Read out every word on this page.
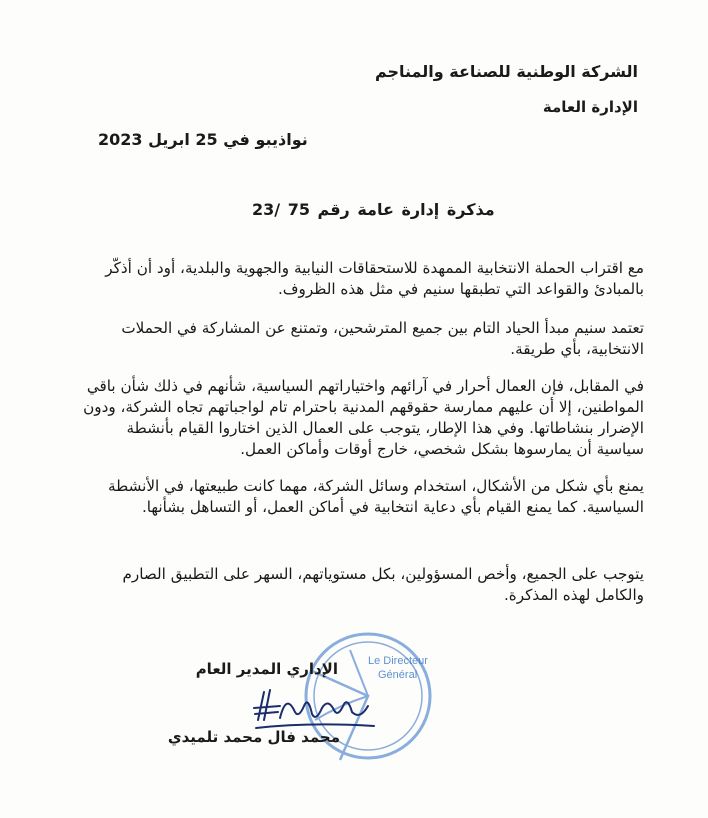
الشركة الوطنية للصناعة والمناجم
الإدارة العامة
نواذيبو في 25 ابريل 2023
مذكرة إدارة عامة رقم 75 /23
مع اقتراب الحملة الانتخابية الممهدة للاستحقاقات النيابية والجهوية والبلدية، أود أن أذكّر
بالمبادئ والقواعد التي تطبقها سنيم في مثل هذه الظروف.
تعتمد سنيم مبدأ الحياد التام بين جميع المترشحين، وتمتنع عن المشاركة في الحملات
الانتخابية، بأي طريقة.
في المقابل، فإن العمال أحرار في آرائهم واختياراتهم السياسية، شأنهم في ذلك شأن باقي
المواطنين، إلا أن عليهم ممارسة حقوقهم المدنية باحترام تام لواجباتهم تجاه الشركة، ودون
الإضرار بنشاطاتها. وفي هذا الإطار، يتوجب على العمال الذين اختاروا القيام بأنشطة
سياسية أن يمارسوها بشكل شخصي، خارج أوقات وأماكن العمل.
يمنع بأي شكل من الأشكال، استخدام وسائل الشركة، مهما كانت طبيعتها، في الأنشطة
السياسية. كما يمنع القيام بأي دعاية انتخابية في أماكن العمل، أو التساهل بشأنها.
يتوجب على الجميع، وأخص المسؤولين، بكل مستوياتهم، السهر على التطبيق الصارم
والكامل لهذه المذكرة.
Le Directeur
Général
الإداري المدير العام
محمد فال محمد تلميدي
